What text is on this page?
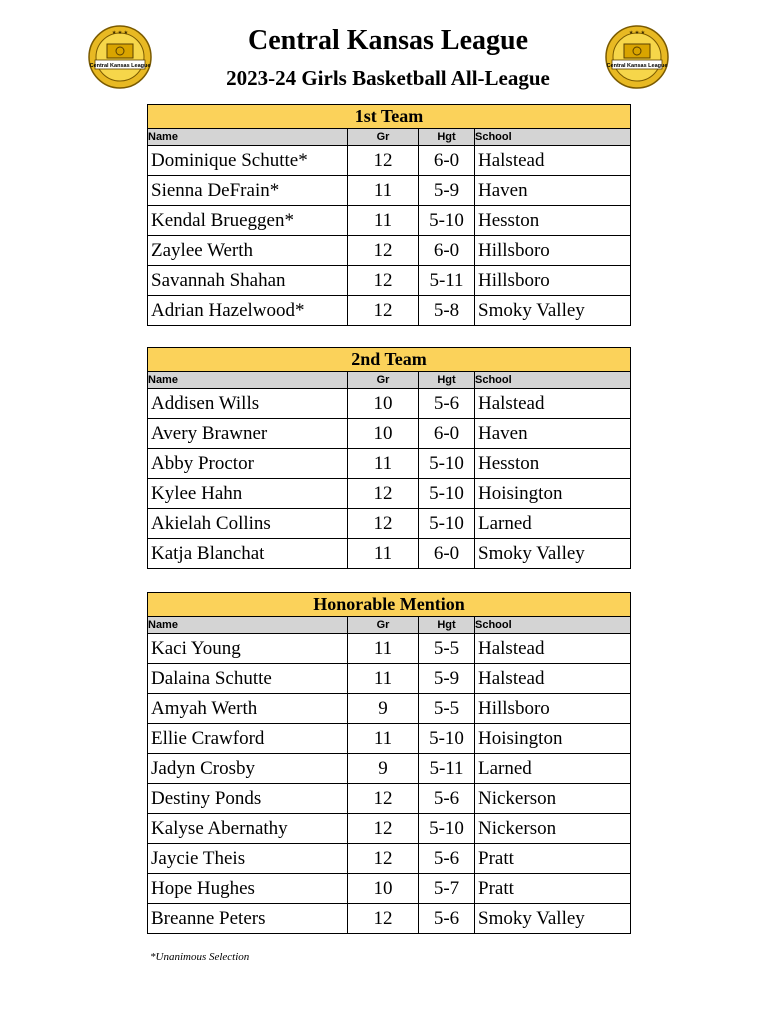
★ ★ ★
Central Kansas League
★ ★ ★
Central Kansas League
Central Kansas League
2023-24 Girls Basketball All-League
1st Team			
Name	Gr	Hgt	School
Dominique Schutte*	12	6-0	Halstead
Sienna DeFrain*	11	5-9	Haven
Kendal Brueggen*	11	5-10	Hesston
Zaylee Werth	12	6-0	Hillsboro
Savannah Shahan	12	5-11	Hillsboro
Adrian Hazelwood*	12	5-8	Smoky Valley
2nd Team			
Name	Gr	Hgt	School
Addisen Wills	10	5-6	Halstead
Avery Brawner	10	6-0	Haven
Abby Proctor	11	5-10	Hesston
Kylee Hahn	12	5-10	Hoisington
Akielah Collins	12	5-10	Larned
Katja Blanchat	11	6-0	Smoky Valley
Honorable Mention			
Name	Gr	Hgt	School
Kaci Young	11	5-5	Halstead
Dalaina Schutte	11	5-9	Halstead
Amyah Werth	9	5-5	Hillsboro
Ellie Crawford	11	5-10	Hoisington
Jadyn Crosby	9	5-11	Larned
Destiny Ponds	12	5-6	Nickerson
Kalyse Abernathy	12	5-10	Nickerson
Jaycie Theis	12	5-6	Pratt
Hope Hughes	10	5-7	Pratt
Breanne Peters	12	5-6	Smoky Valley
*Unanimous Selection
